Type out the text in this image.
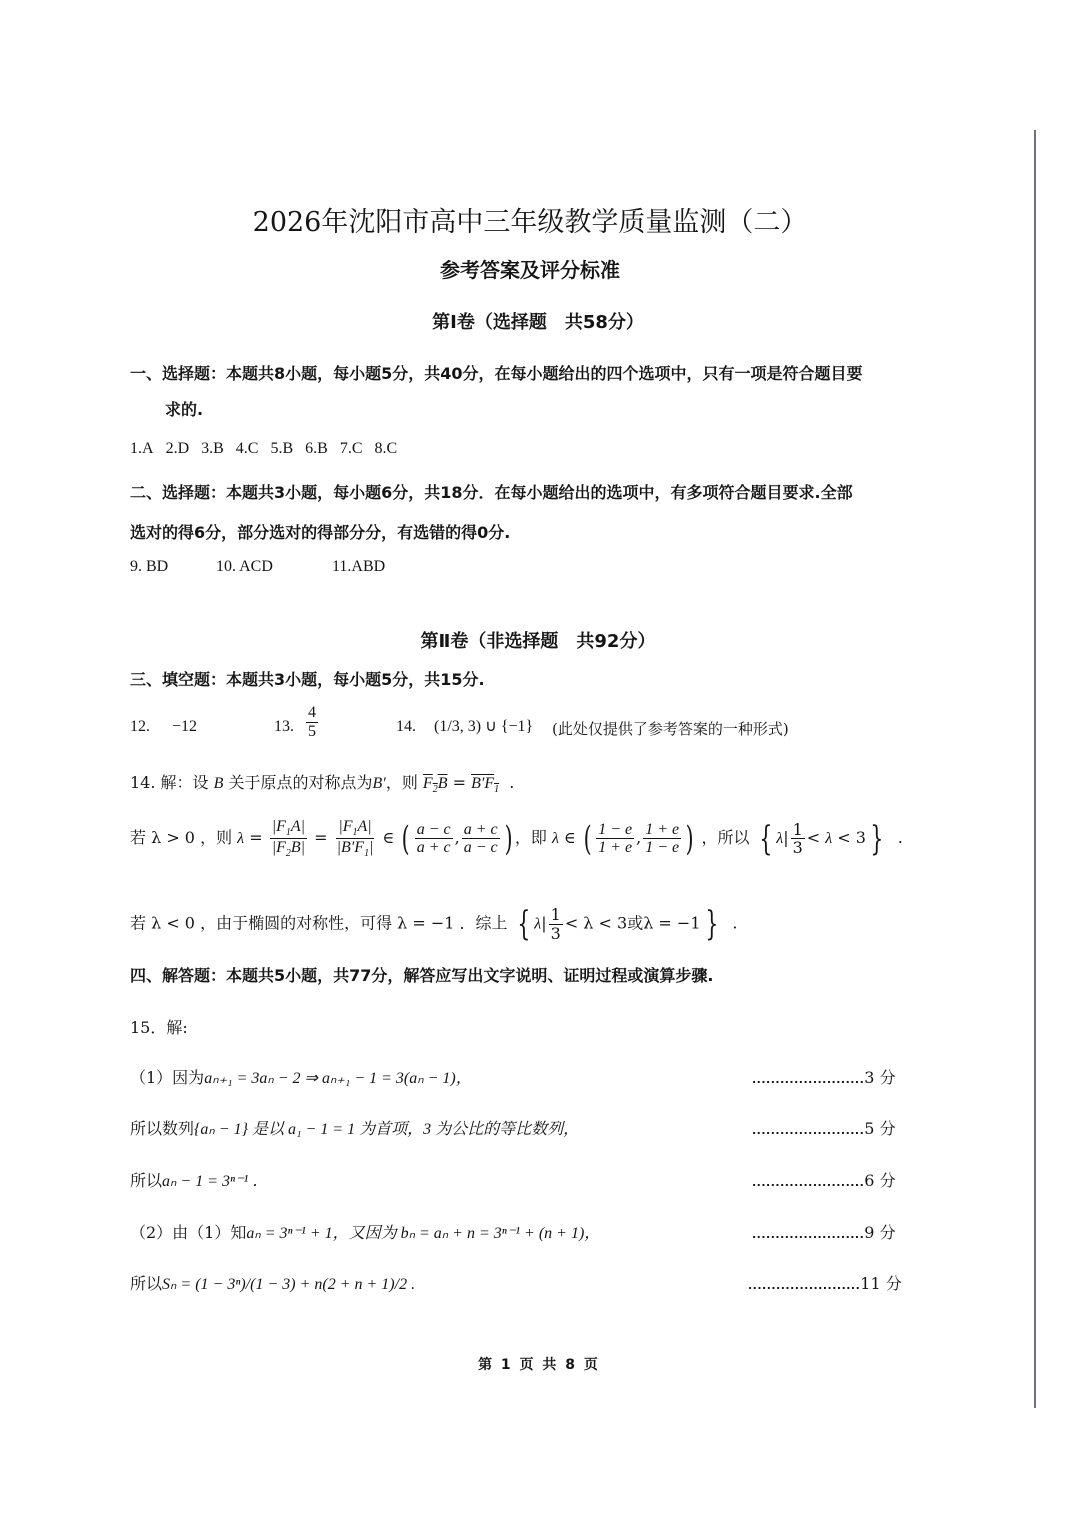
2026年沈阳市高中三年级教学质量监测（二）
参考答案及评分标准
第Ⅰ卷（选择题　共58分）
一、选择题：本题共8小题，每小题5分，共40分，在每小题给出的四个选项中，只有一项是符合题目要
求的.
1.A 2.D 3.B 4.C 5.B 6.B 7.C 8.C
二、选择题：本题共3小题，每小题6分，共18分．在每小题给出的选项中，有多项符合题目要求.全部
选对的得6分，部分选对的得部分分，有选错的得0分.
9. BD	10. ACD	11.ABD
第Ⅱ卷（非选择题　共92分）
三、填空题：本题共3小题，每小题5分，共15分.
12. −12	13. $\frac{4}{5}$	14. (1/3, 3) ∪ {−1} (此处仅提供了参考答案的一种形式)
14. 解：设 B 关于原点的对称点为B′，则 $F_2B = B'F_1$  .
若 λ > 0 ，则 $\lambda = \frac{|F_1A|}{|F_2B|} = \frac{|F_1A|}{|B'F_1|}$ ∈ ( $\frac{a - c}{a + c}$ , $\frac{a + c}{a - c}$ ) ，即 λ ∈ ( $\frac{1 - e}{1 + e}$ , $\frac{1 + e}{1 - e}$ ) ，所以 { $\lambda| \frac{1}{3} < \lambda < 3$ }  .
若 λ < 0 ，由于椭圆的对称性，可得 λ = −1 ．综上 { $\lambda| \frac{1}{3} < \lambda < 3$或λ = −1 }  .
四、解答题：本题共5小题，共77分，解答应写出文字说明、证明过程或演算步骤.
15．解:
（1）因为aₙ₊₁ = 3aₙ − 2 ⇒ aₙ₊₁ − 1 = 3(aₙ − 1)，	........................3 分
所以数列{aₙ − 1} 是以 a₁ − 1 = 1 为首项，3 为公比的等比数列，	........................5 分
所以aₙ − 1 = 3ⁿ⁻¹ ．	........................6 分
（2）由（1）知aₙ = 3ⁿ⁻¹ + 1，又因为 bₙ = aₙ + n = 3ⁿ⁻¹ + (n + 1)，	........................9 分
所以Sₙ = (1 − 3ⁿ)/(1 − 3) + n(2 + n + 1)/2 .	........................11 分
第 1 页 共 8 页
